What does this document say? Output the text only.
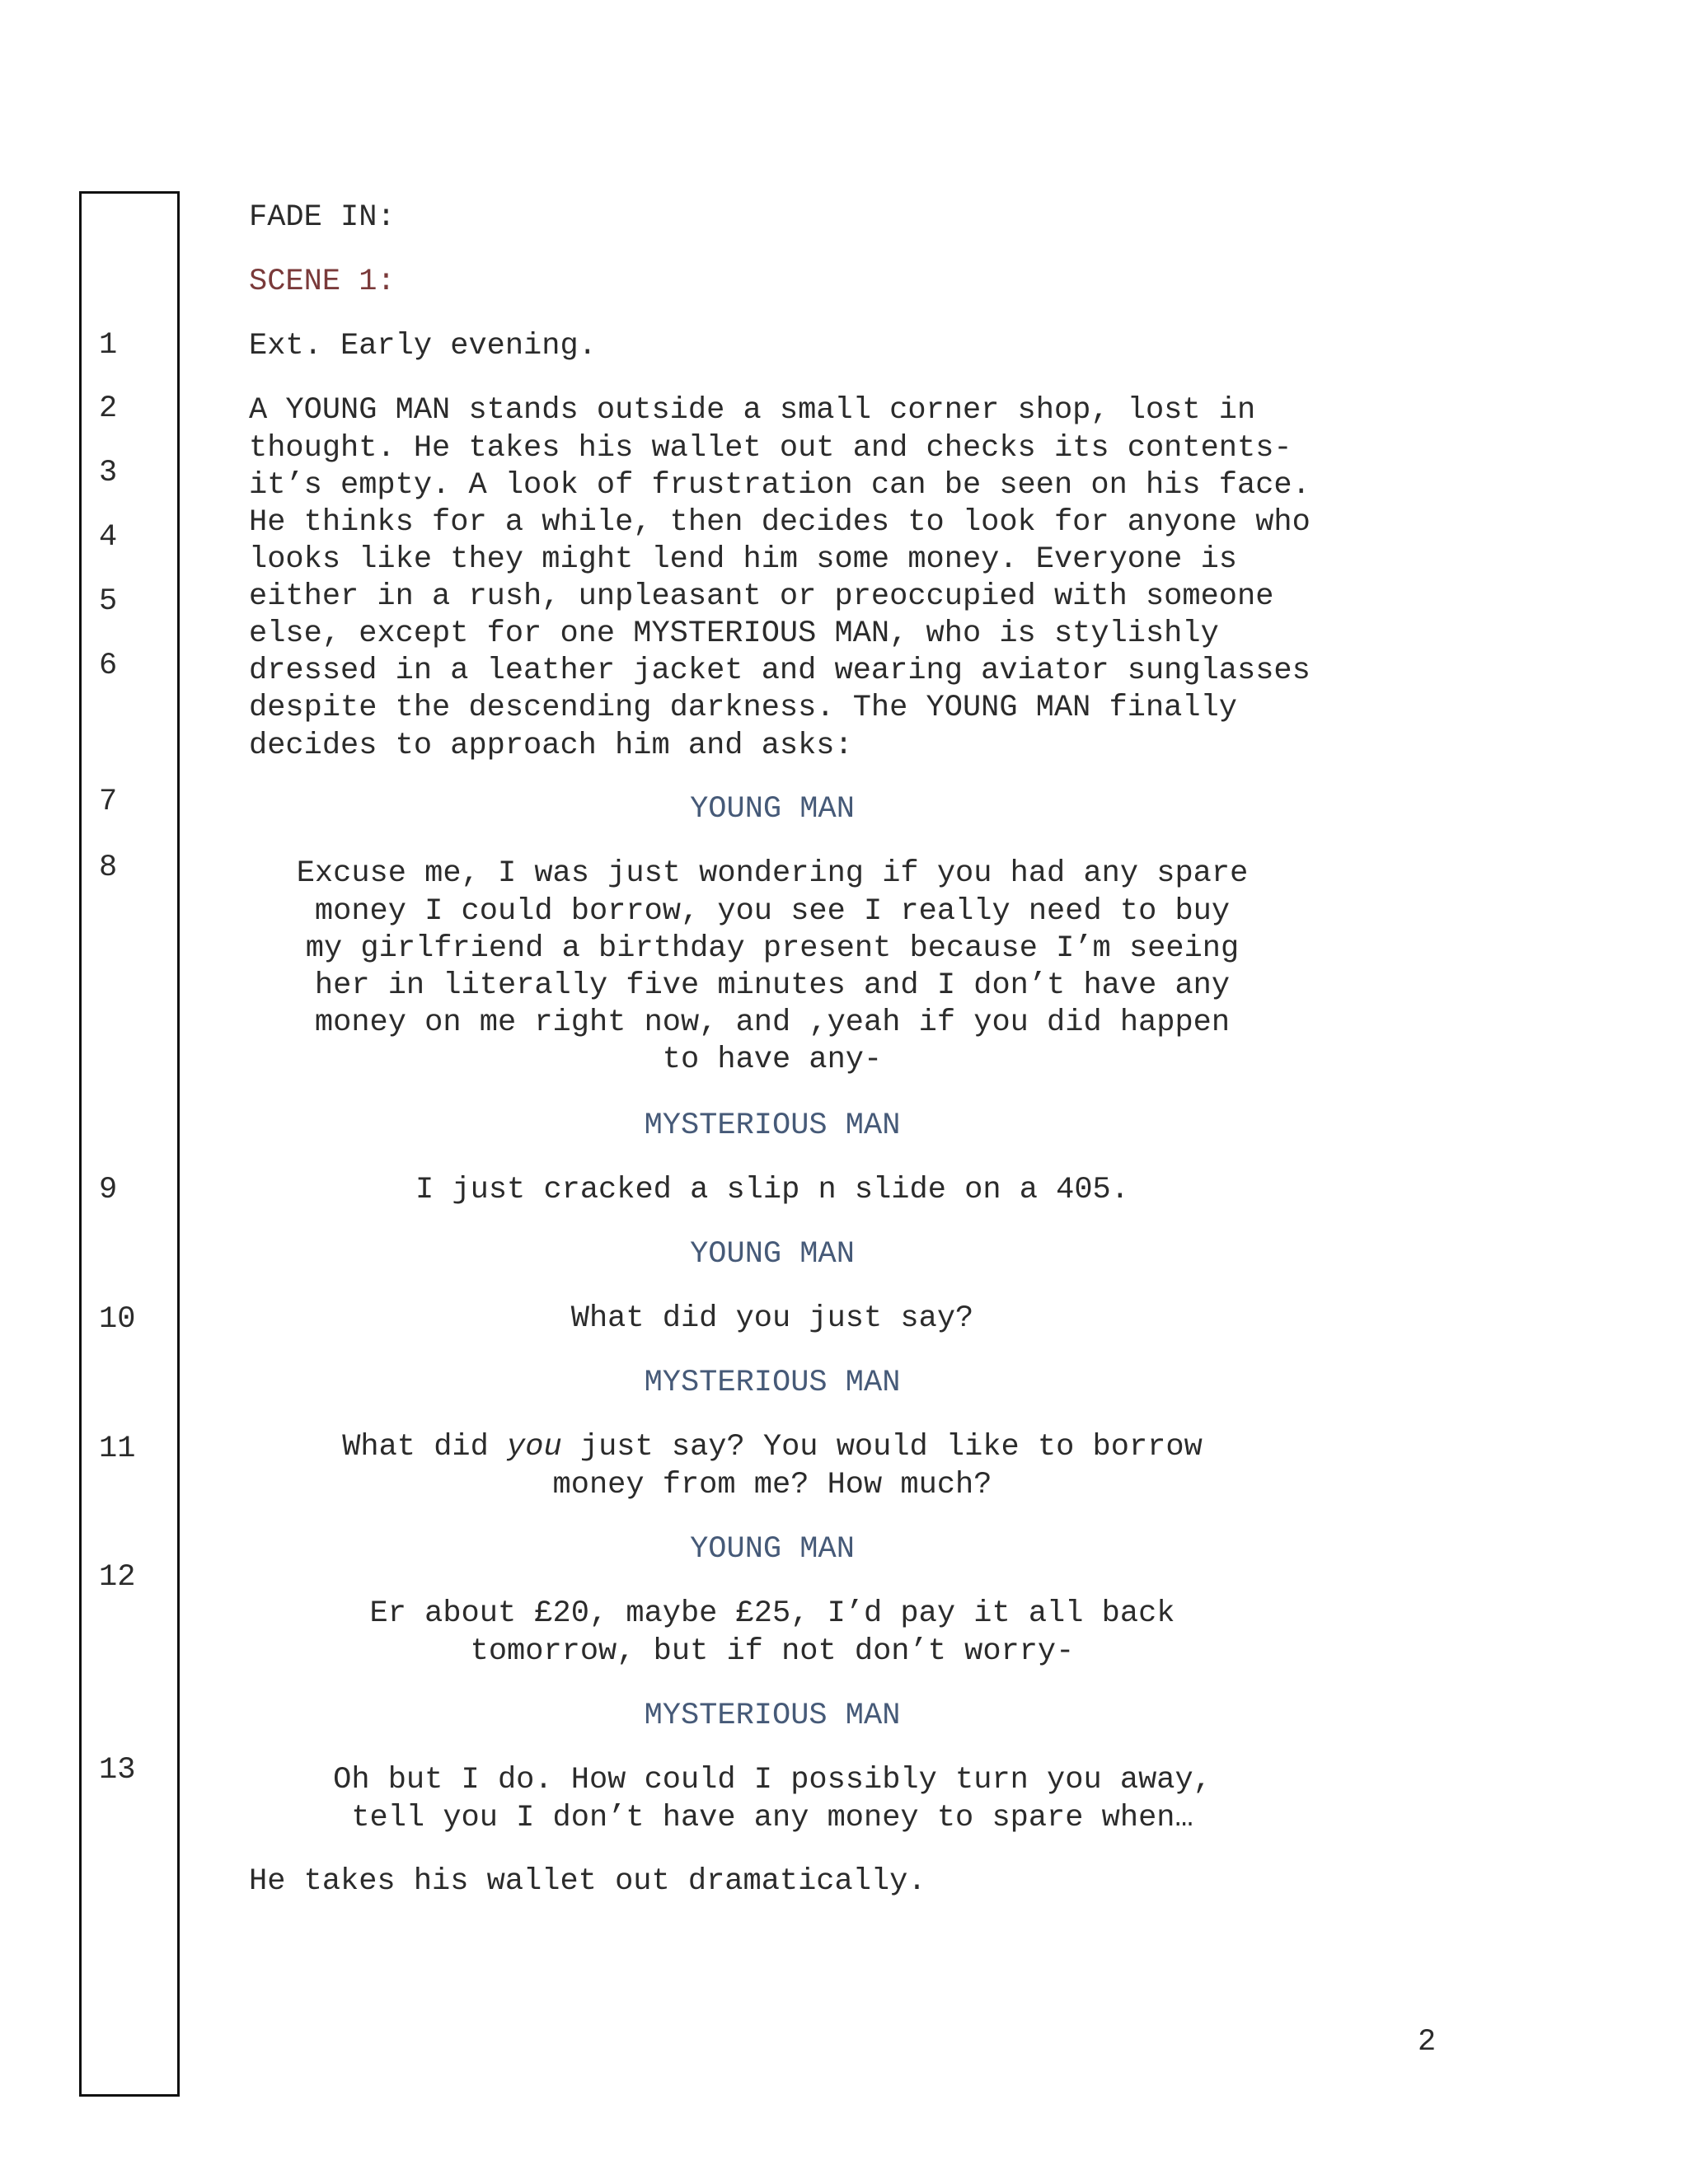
1
2
3
4
5
6
7
8
9
10
11
12
13
FADE IN:
SCENE 1:
Ext. Early evening.
A YOUNG MAN stands outside a small corner shop, lost in
thought. He takes his wallet out and checks its contents-
it’s empty. A look of frustration can be seen on his face.
He thinks for a while, then decides to look for anyone who
looks like they might lend him some money. Everyone is
either in a rush, unpleasant or preoccupied with someone
else, except for one MYSTERIOUS MAN, who is stylishly
dressed in a leather jacket and wearing aviator sunglasses
despite the descending darkness. The YOUNG MAN finally
decides to approach him and asks:
YOUNG MAN
Excuse me, I was just wondering if you had any spare
money I could borrow, you see I really need to buy
my girlfriend a birthday present because I’m seeing
her in literally five minutes and I don’t have any
money on me right now, and ,yeah if you did happen
to have any-
MYSTERIOUS MAN
I just cracked a slip n slide on a 405.
YOUNG MAN
What did you just say?
MYSTERIOUS MAN
What did you just say? You would like to borrow
money from me? How much?
YOUNG MAN
Er about £20, maybe £25, I’d pay it all back
tomorrow, but if not don’t worry-
MYSTERIOUS MAN
Oh but I do. How could I possibly turn you away,
tell you I don’t have any money to spare when…
He takes his wallet out dramatically.
2
